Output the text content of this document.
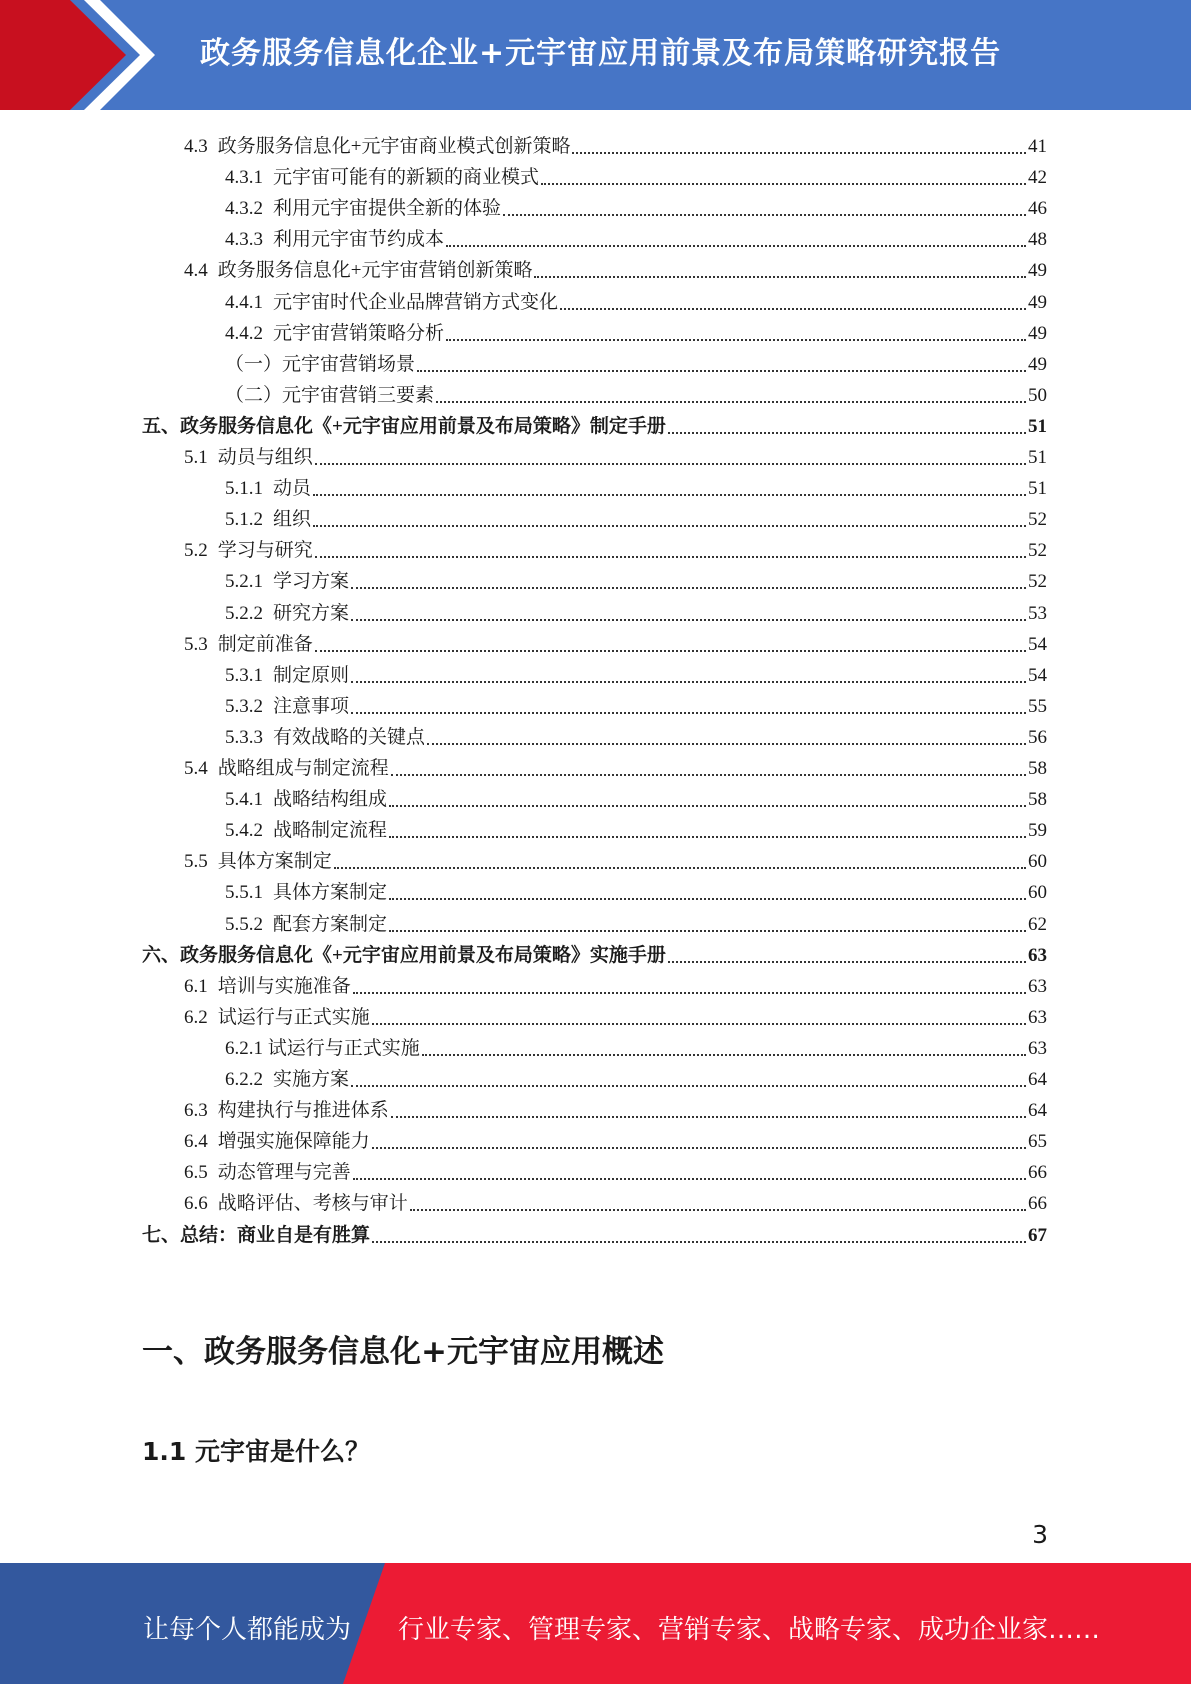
政务服务信息化企业+元宇宙应用前景及布局策略研究报告
4.3 政务服务信息化+元宇宙商业模式创新策略	41
4.3.1 元宇宙可能有的新颖的商业模式	42
4.3.2 利用元宇宙提供全新的体验	46
4.3.3 利用元宇宙节约成本	48
4.4 政务服务信息化+元宇宙营销创新策略	49
4.4.1 元宇宙时代企业品牌营销方式变化	49
4.4.2 元宇宙营销策略分析	49
（一）元宇宙营销场景	49
（二）元宇宙营销三要素	50
五、政务服务信息化《+元宇宙应用前景及布局策略》制定手册	51
5.1 动员与组织	51
5.1.1 动员	51
5.1.2 组织	52
5.2 学习与研究	52
5.2.1 学习方案	52
5.2.2 研究方案	53
5.3 制定前准备	54
5.3.1 制定原则	54
5.3.2 注意事项	55
5.3.3 有效战略的关键点	56
5.4 战略组成与制定流程	58
5.4.1 战略结构组成	58
5.4.2 战略制定流程	59
5.5 具体方案制定	60
5.5.1 具体方案制定	60
5.5.2 配套方案制定	62
六、政务服务信息化《+元宇宙应用前景及布局策略》实施手册	63
6.1 培训与实施准备	63
6.2 试运行与正式实施	63
6.2.1 试运行与正式实施	63
6.2.2 实施方案	64
6.3 构建执行与推进体系	64
6.4 增强实施保障能力	65
6.5 动态管理与完善	66
6.6 战略评估、考核与审计	66
七、总结：商业自是有胜算	67
一、政务服务信息化+元宇宙应用概述
1.1 元宇宙是什么？
3
让每个人都能成为 行业专家、管理专家、营销专家、战略专家、成功企业家……
